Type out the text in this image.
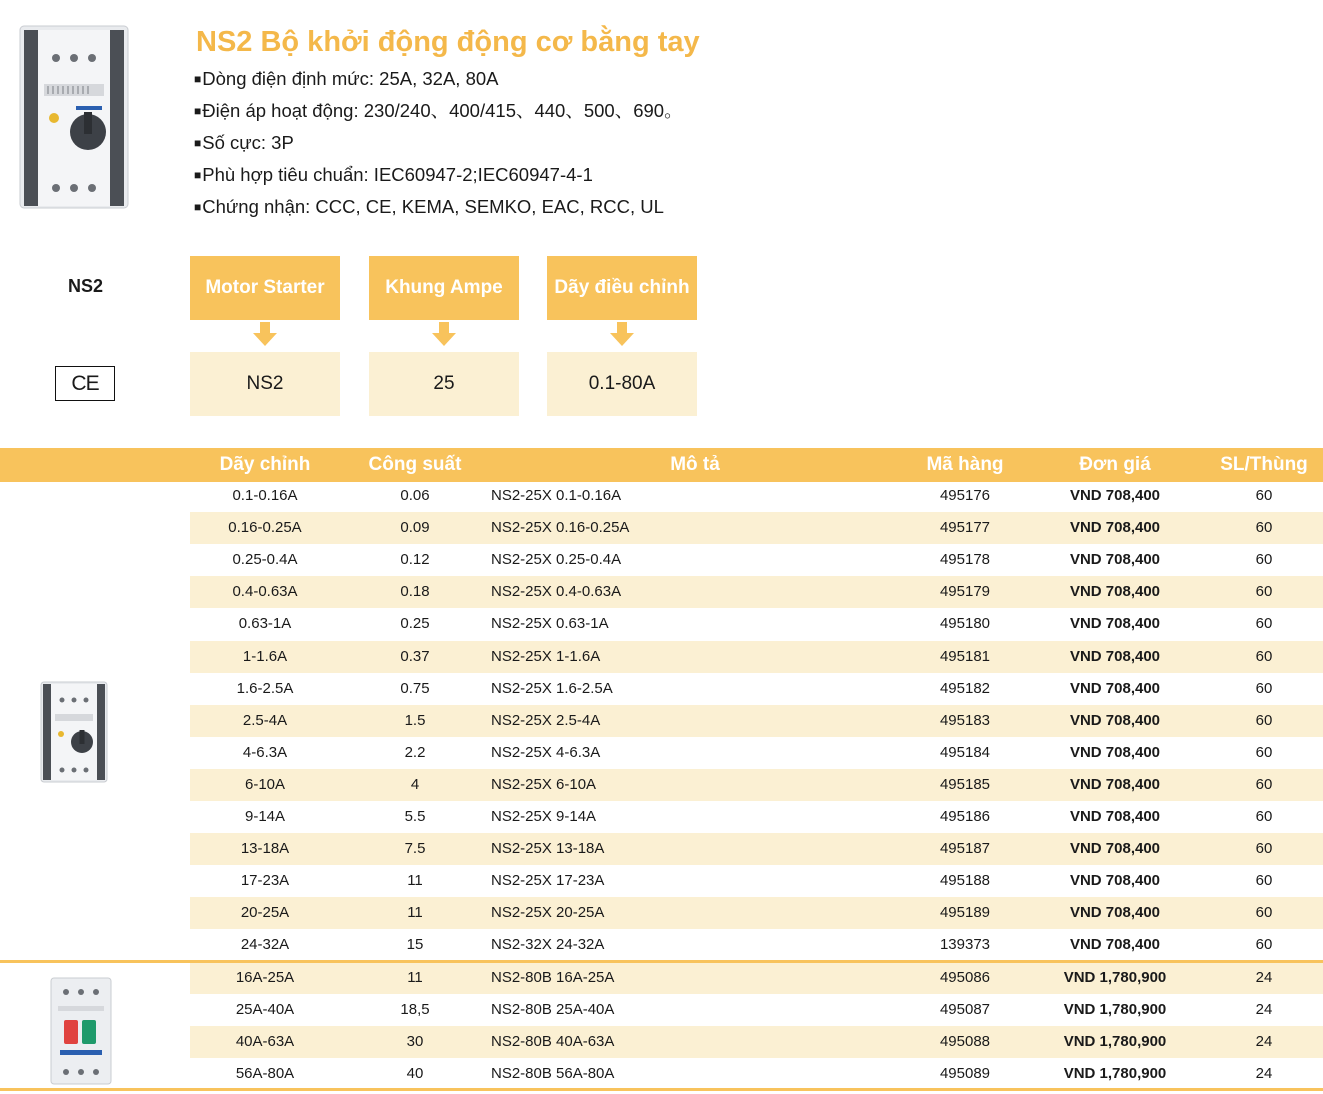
NS2 Bộ khởi động động cơ bằng tay
■ Dòng điện định mức: 25A, 32A, 80A
■ Điện áp hoạt động: 230/240、400/415、440、500、690。
■ Số cực: 3P
■ Phù hợp tiêu chuẩn: IEC60947-2;IEC60947-4-1
■ Chứng nhận: CCC, CE, KEMA, SEMKO, EAC, RCC, UL
NS2
CE
Motor Starter
NS2
Khung Ampe
25
Dãy điều chỉnh
0.1-80A
Dãy chỉnh	Công suất	Mô tả	Mã hàng	Đơn giá	SL/Thùng
0.1-0.16A	0.06	NS2-25X 0.1-0.16A	495176	VND 708,400	60
0.16-0.25A	0.09	NS2-25X 0.16-0.25A	495177	VND 708,400	60
0.25-0.4A	0.12	NS2-25X 0.25-0.4A	495178	VND 708,400	60
0.4-0.63A	0.18	NS2-25X 0.4-0.63A	495179	VND 708,400	60
0.63-1A	0.25	NS2-25X 0.63-1A	495180	VND 708,400	60
1-1.6A	0.37	NS2-25X 1-1.6A	495181	VND 708,400	60
1.6-2.5A	0.75	NS2-25X 1.6-2.5A	495182	VND 708,400	60
2.5-4A	1.5	NS2-25X 2.5-4A	495183	VND 708,400	60
4-6.3A	2.2	NS2-25X 4-6.3A	495184	VND 708,400	60
6-10A	4	NS2-25X 6-10A	495185	VND 708,400	60
9-14A	5.5	NS2-25X 9-14A	495186	VND 708,400	60
13-18A	7.5	NS2-25X 13-18A	495187	VND 708,400	60
17-23A	11	NS2-25X 17-23A	495188	VND 708,400	60
20-25A	11	NS2-25X 20-25A	495189	VND 708,400	60
24-32A	15	NS2-32X 24-32A	139373	VND 708,400	60
16A-25A	11	NS2-80B 16A-25A	495086	VND 1,780,900	24
25A-40A	18,5	NS2-80B 25A-40A	495087	VND 1,780,900	24
40A-63A	30	NS2-80B 40A-63A	495088	VND 1,780,900	24
56A-80A	40	NS2-80B 56A-80A	495089	VND 1,780,900	24
